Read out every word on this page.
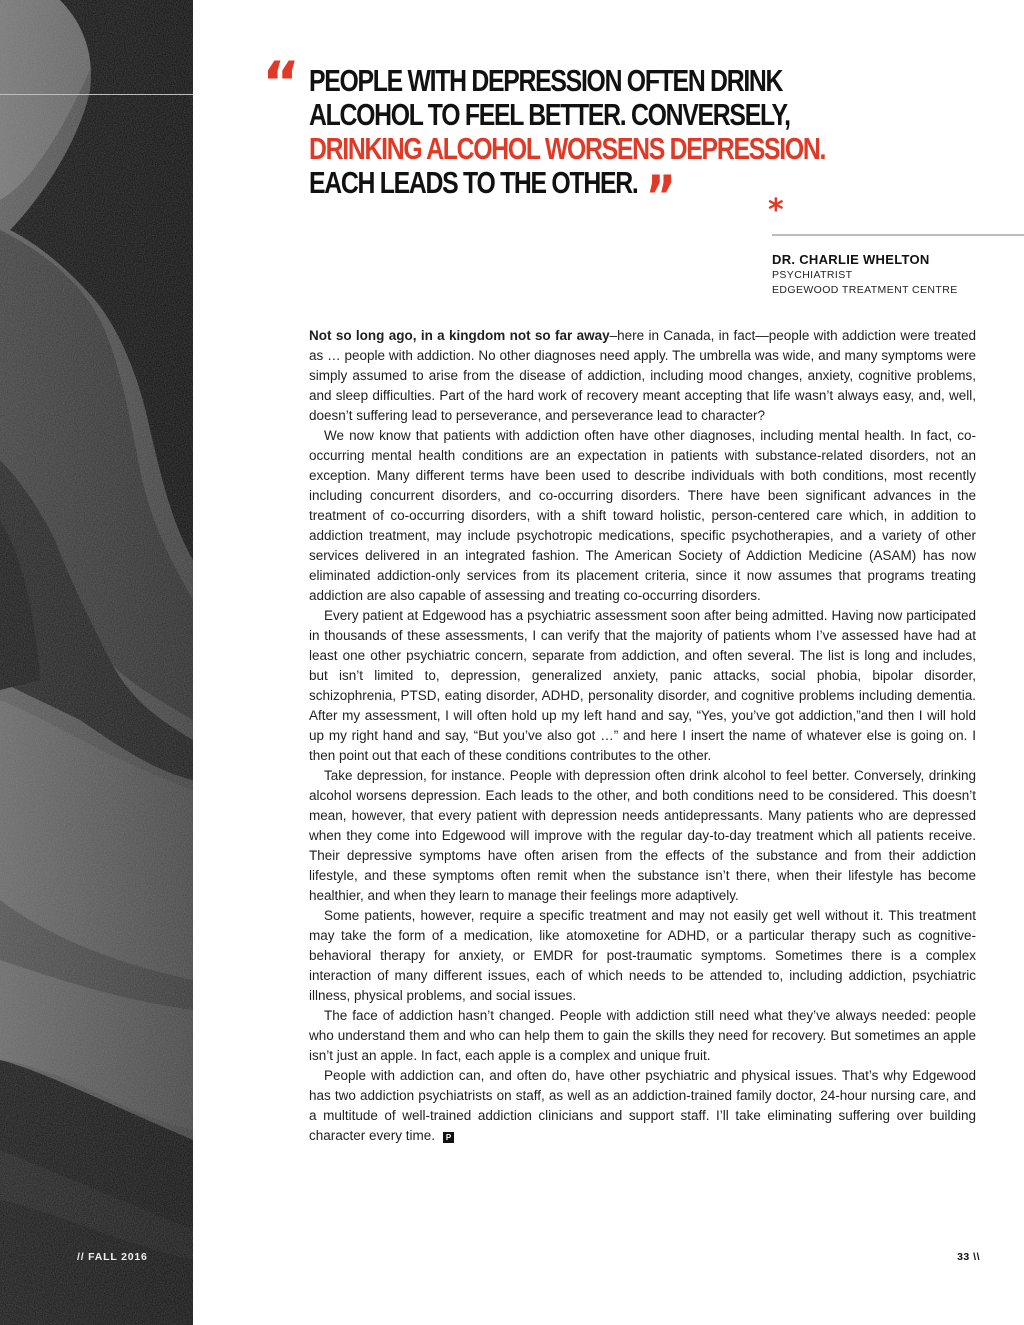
“ PEOPLE WITH DEPRESSION OFTEN DRINK
ALCOHOL TO FEEL BETTER. CONVERSELY,
DRINKING ALCOHOL WORSENS DEPRESSION.
EACH LEADS TO THE OTHER. ”	*
DR. CHARLIE WHELTON
PSYCHIATRIST
EDGEWOOD TREATMENT CENTRE

Not so long ago, in a kingdom not so far away–here in Canada, in fact—people with addiction were treated as … people with addiction. No other diagnoses need apply. The umbrella was wide, and many symptoms were simply assumed to arise from the disease of addiction, including mood changes, anxiety, cognitive problems, and sleep difficulties. Part of the hard work of recovery meant accepting that life wasn’t always easy, and, well, doesn’t suffering lead to perseverance, and perseverance lead to character?

We now know that patients with addiction often have other diagnoses, including mental health. In fact, co-occurring mental health conditions are an expectation in patients with substance-related disorders, not an exception. Many different terms have been used to describe individuals with both conditions, most recently including concurrent disorders, and co-occurring disorders. There have been significant advances in the treatment of co-occurring disorders, with a shift toward holistic, person-centered care which, in addition to addiction treatment, may include psychotropic medications, specific psychotherapies, and a variety of other services delivered in an integrated fashion. The American Society of Addiction Medicine (ASAM) has now eliminated addiction-only services from its placement criteria, since it now assumes that programs treating addiction are also capable of assessing and treating co-occurring disorders.

Every patient at Edgewood has a psychiatric assessment soon after being admitted. Having now participated in thousands of these assessments, I can verify that the majority of patients whom I’ve assessed have had at least one other psychiatric concern, separate from addiction, and often several. The list is long and includes, but isn’t limited to, depression, generalized anxiety, panic attacks, social phobia, bipolar disorder, schizophrenia, PTSD, eating disorder, ADHD, personality disorder, and cognitive problems including dementia. After my assessment, I will often hold up my left hand and say, “Yes, you’ve got addiction,”and then I will hold up my right hand and say, “But you’ve also got …” and here I insert the name of whatever else is going on. I then point out that each of these conditions contributes to the other.

Take depression, for instance. People with depression often drink alcohol to feel better. Conversely, drinking alcohol worsens depression. Each leads to the other, and both conditions need to be considered. This doesn’t mean, however, that every patient with depression needs antidepressants. Many patients who are depressed when they come into Edgewood will improve with the regular day-to-day treatment which all patients receive. Their depressive symptoms have often arisen from the effects of the substance and from their addiction lifestyle, and these symptoms often remit when the substance isn’t there, when their lifestyle has become healthier, and when they learn to manage their feelings more adaptively.

Some patients, however, require a specific treatment and may not easily get well without it. This treatment may take the form of a medication, like atomoxetine for ADHD, or a particular therapy such as cognitive-behavioral therapy for anxiety, or EMDR for post-traumatic symptoms. Sometimes there is a complex interaction of many different issues, each of which needs to be attended to, including addiction, psychiatric illness, physical problems, and social issues.

The face of addiction hasn’t changed. People with addiction still need what they’ve always needed: people who understand them and who can help them to gain the skills they need for recovery. But sometimes an apple isn’t just an apple. In fact, each apple is a complex and unique fruit.

People with addiction can, and often do, have other psychiatric and physical issues. That’s why Edgewood has two addiction psychiatrists on staff, as well as an addiction-trained family doctor, 24-hour nursing care, and a multitude of well-trained addiction clinicians and support staff. I’ll take eliminating suffering over building character every time. P

// FALL 2016	33 \\
